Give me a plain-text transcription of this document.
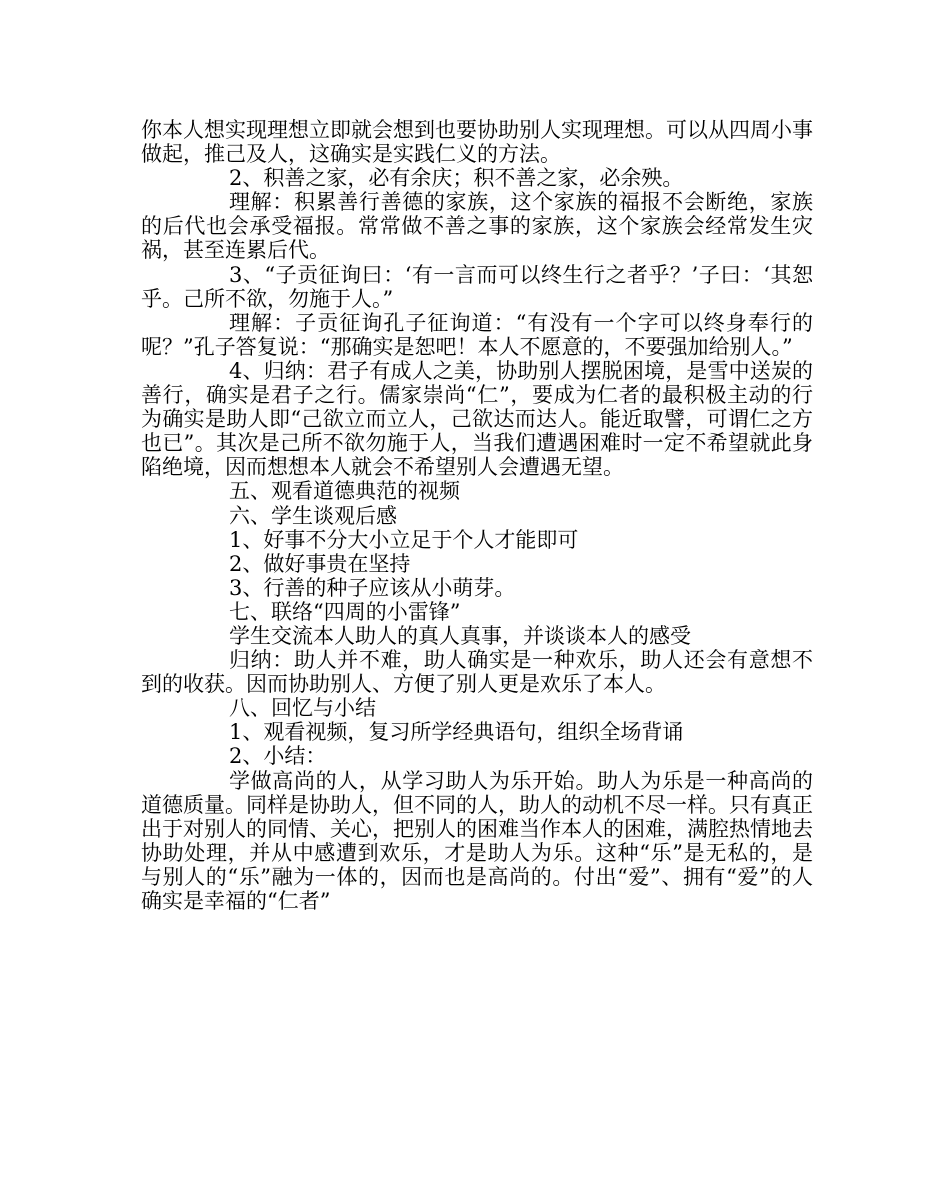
你本人想实现理想立即就会想到也要协助别人实现理想。可以从四周小事做起，推己及人，这确实是实践仁义的方法。

2、积善之家，必有余庆；积不善之家，必余殃。

理解：积累善行善德的家族，这个家族的福报不会断绝，家族的后代也会承受福报。常常做不善之事的家族，这个家族会经常发生灾祸，甚至连累后代。

3、“子贡征询曰：‘有一言而可以终生行之者乎？’子曰：‘其恕乎。己所不欲，勿施于人。”

理解：子贡征询孔子征询道：“有没有一个字可以终身奉行的呢？”孔子答复说：“那确实是恕吧！本人不愿意的，不要强加给别人。”

4、归纳：君子有成人之美，协助别人摆脱困境，是雪中送炭的善行，确实是君子之行。儒家崇尚“仁”，要成为仁者的最积极主动的行为确实是助人即“己欲立而立人，己欲达而达人。能近取譬，可谓仁之方也已”。其次是己所不欲勿施于人，当我们遭遇困难时一定不希望就此身陷绝境，因而想想本人就会不希望别人会遭遇无望。

五、观看道德典范的视频

六、学生谈观后感

1、好事不分大小立足于个人才能即可

2、做好事贵在坚持

3、行善的种子应该从小萌芽。

七、联络“四周的小雷锋”

学生交流本人助人的真人真事，并谈谈本人的感受

归纳：助人并不难，助人确实是一种欢乐，助人还会有意想不到的收获。因而协助别人、方便了别人更是欢乐了本人。

八、回忆与小结

1、观看视频，复习所学经典语句，组织全场背诵

2、小结：

学做高尚的人，从学习助人为乐开始。助人为乐是一种高尚的道德质量。同样是协助人，但不同的人，助人的动机不尽一样。只有真正出于对别人的同情、关心，把别人的困难当作本人的困难，满腔热情地去协助处理，并从中感遭到欢乐，才是助人为乐。这种“乐”是无私的，是与别人的“乐”融为一体的，因而也是高尚的。付出“爱”、拥有“爱”的人确实是幸福的“仁者”
